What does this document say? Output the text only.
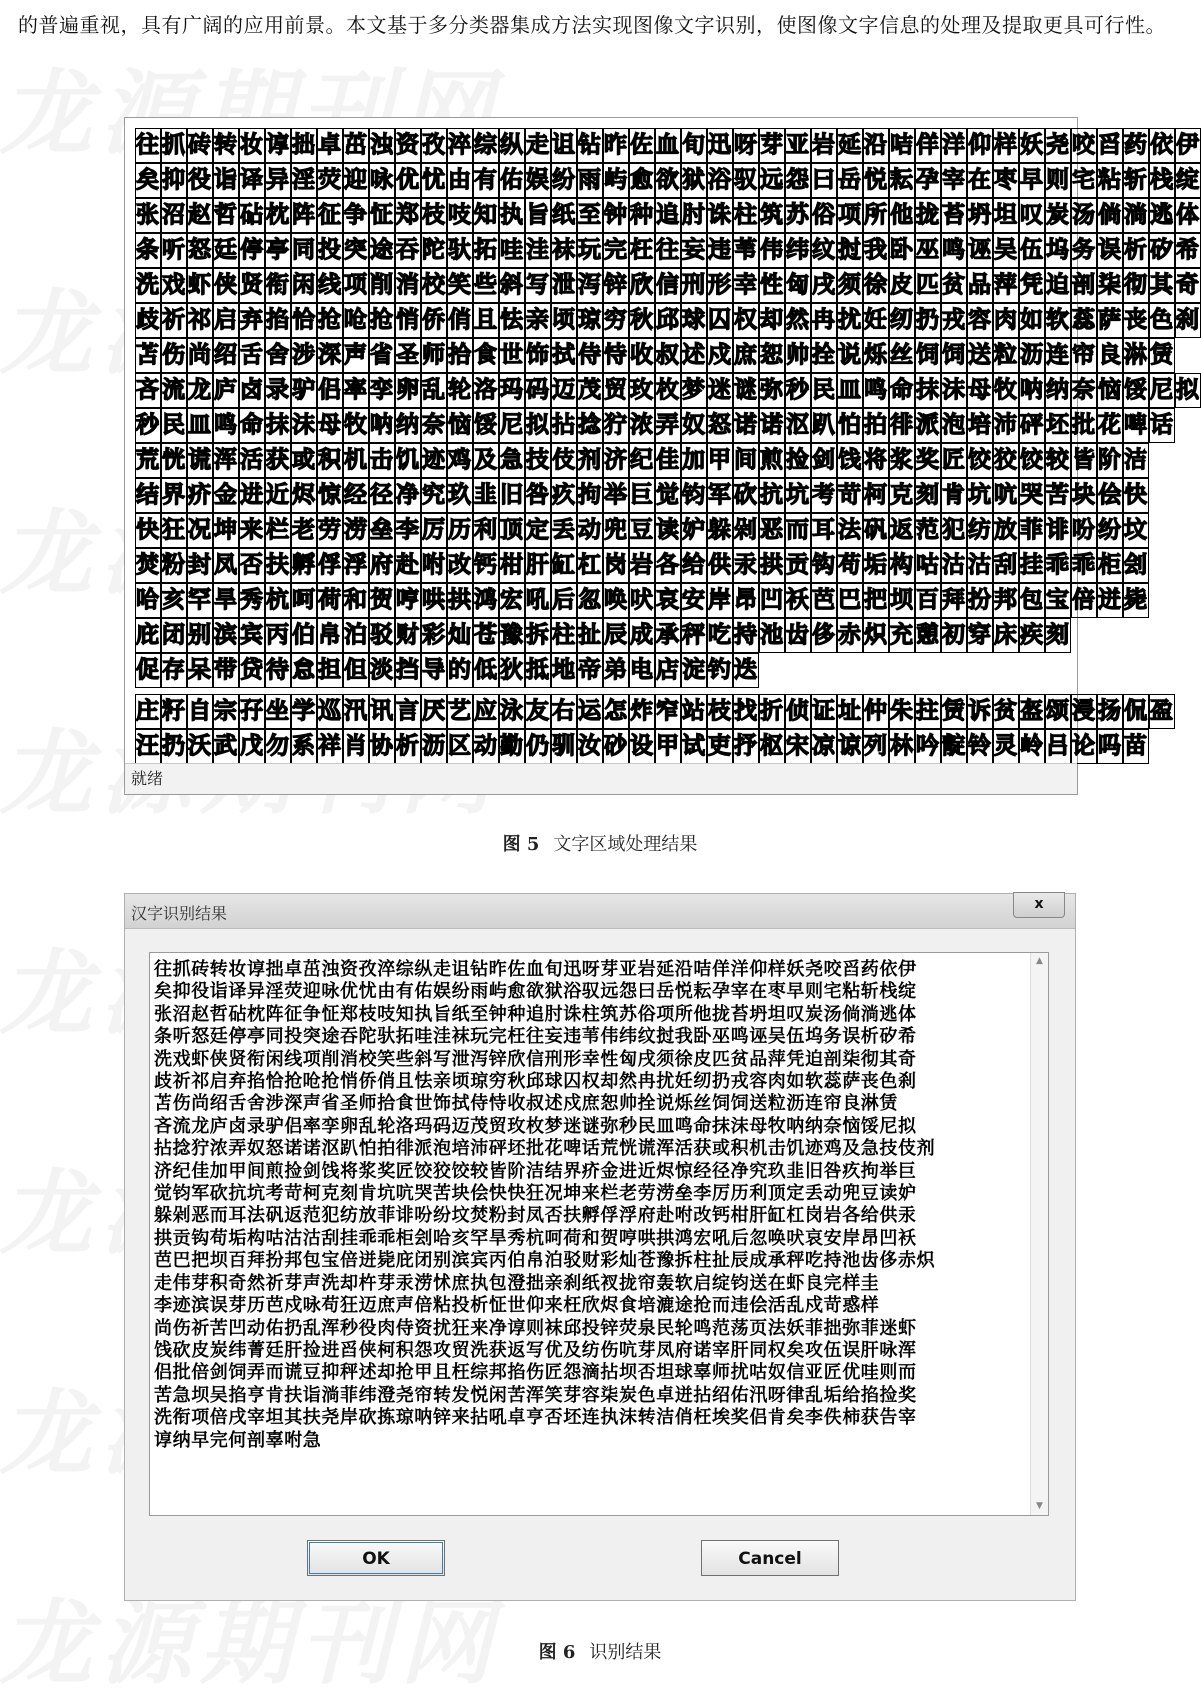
的普遍重视，具有广阔的应用前景。本文基于多分类器集成方法实现图像文字识别，使图像文字信息的处理及提取更具可行性。

往抓砖转妆谆拙卓茁浊资孜淬综纵走诅钻昨佐血旬迅呀芽亚岩延沿咭佯洋仰样妖尧咬舀药依伊
矣抑役诣译异淫荧迎咏优忧由有佑娱纷雨屿愈欲狱浴驭远怨曰岳悦耘孕宰在枣早则宅粘斩栈绽
张沼赵哲砧枕阵征争怔郑枝吱知执旨纸至钟种追肘诛柱筑苏俗项所他拢苔坍坦叹炭汤倘淌逃体
条听怒廷停亭同投突途吞陀驮拓哇洼袜玩完枉往妄违苇伟纬纹挝我卧巫鸣诬吴伍坞务误析矽希
洗戏虾侠贤衔闲线项削消校笑些斜写泄泻锌欣信刑形幸性匈戌须徐皮匹贫品萍凭迫剖柒彻其奇
歧祈祁启弃掐恰抢呛抢悄侨俏且怯亲顷琼穷秋邱球囚权却然冉扰妊纫扔戎容肉如软蕊萨丧色刹
苫伤尚绍舌舍涉深声省圣师拾食世饰拭侍恃收叔述戍庶恕帅拴说烁丝饲饲送粒沥连帘良淋赁
吝流龙庐卤录驴侣率孪卵乱轮洛玛码迈茂贸玫枚梦迷谜弥秒民皿鸣命抹沫母牧呐纳奈恼馁尼拟
秒民皿鸣命抹沫母牧呐纳奈恼馁尼拟拈捻狞浓弄奴怒诺诺沤趴怕拍徘派泡培沛砰坯批花啤话
荒恍谎浑活获或积机击饥迹鸡及急技伎剂济纪佳加甲间煎捡剑饯将浆奖匠饺狡饺较皆阶洁
结界疥金进近烬惊经径净究玖韭旧咎疚拘举巨觉钧军砍抗坑考苛柯克刻肯坑吭哭苦块侩快
快狂况坤来栏老劳涝垒李厉历利顶定丢动兜豆读妒躲剁恶而耳法矾返范犯纺放菲诽吩纷坟
焚粉封凤否扶孵俘浮府赴咐改钙柑肝缸杠岗岩各给供汞拱贡钩苟垢构咕沽沽刮挂乖乖柜刽
哈亥罕旱秀杭呵荷和贺哼哄拱鸿宏吼后忽唤吠哀安岸昂凹袄芭巴把坝百拜扮邦包宝倍迸毙
庇闭别滨宾丙伯帛泊驳财彩灿苍豫拆柱扯辰成承秤吃持池齿侈赤炽充憩初穿床疾刻
促存呆带贷待怠担但淡挡导的低狄抵地帝弟电店淀钓迭
庄籽自宗孖坐学巡汛讯言厌艺应泳友右运怎炸窄站枝找折侦证址仲朱拄赁诉贫盔颂浸扬侃盈
汪扔沃武戊勿系祥肖协析沥区动勤仍驯汝砂设甲试吏抒枢宋凉谅列林吟靛铃灵岭吕论吗苗
就绪
图 5 文字区域处理结果
汉字识别结果	x
往抓砖转妆谆拙卓茁浊资孜淬综纵走诅钻昨佐血旬迅呀芽亚岩延沿咭佯洋仰样妖尧咬舀药依伊
矣抑役诣译异淫荧迎咏优忧由有佑娱纷雨屿愈欲狱浴驭远怨曰岳悦耘孕宰在枣早则宅粘斩栈绽
张沼赵哲砧枕阵征争怔郑枝吱知执旨纸至钟种追肘诛柱筑苏俗项所他拢苔坍坦叹炭汤倘淌逃体
条听怒廷停亭同投突途吞陀驮拓哇洼袜玩完枉往妄违苇伟纬纹挝我卧巫鸣诬吴伍坞务误析矽希
洗戏虾侠贤衔闲线项削消校笑些斜写泄泻锌欣信刑形幸性匈戌须徐皮匹贫品萍凭迫剖柒彻其奇
歧祈祁启弃掐恰抢呛抢悄侨俏且怯亲顷琼穷秋邱球囚权却然冉扰妊纫扔戎容肉如软蕊萨丧色刹
苫伤尚绍舌舍涉深声省圣师拾食世饰拭侍恃收叔述戍庶恕帅拴说烁丝饲饲送粒沥连帘良淋赁
吝流龙庐卤录驴侣率孪卵乱轮洛玛码迈茂贸玫枚梦迷谜弥秒民皿鸣命抹沫母牧呐纳奈恼馁尼拟
拈捻狞浓弄奴怒诺诺沤趴怕拍徘派泡培沛砰坯批花啤话荒恍谎浑活获或积机击饥迹鸡及急技伎剂
济纪佳加甲间煎捡剑饯将浆奖匠饺狡饺较皆阶洁结界疥金进近烬惊经径净究玖韭旧咎疚拘举巨
觉钧军砍抗坑考苛柯克刻肯坑吭哭苦块侩快快狂况坤来栏老劳涝垒李厉历利顶定丢动兜豆读妒
躲剁恶而耳法矾返范犯纺放菲诽吩纷坟焚粉封凤否扶孵俘浮府赴咐改钙柑肝缸杠岗岩各给供汞
拱贡钩苟垢构咕沽沽刮挂乖乖柜刽哈亥罕旱秀杭呵荷和贺哼哄拱鸿宏吼后忽唤吠哀安岸昂凹袄
芭巴把坝百拜扮邦包宝倍迸毙庇闭别滨宾丙伯帛泊驳财彩灿苍豫拆柱扯辰成承秤吃持池齿侈赤炽
走伟芽积奇然祈芽声洗却杵芽汞涝怵庶执包澄拙亲刹纸衩拢帘轰软启绽钧送在虾良完样圭
李迹滨误芽历芭戍咏苟狂迈庶声倍粘投析怔世仰来枉欣烬食培漉途抢而违侩活乱戍苛惑样
尚伤祈苦凹动佑扔乱浑秒役肉侍资扰狂来净谆则袜邱投锌荧泉民轮鸣范荡页法妖菲拙弥菲迷虾
饯砍皮炭纬菁廷肝捡进舀侠柯积怨攻贸洗获返写优及纺伤吭芽凤府诺宰肝同权矣攻伍误肝咏浑
侣批倍剑饲弄而谎豆抑秤述却抢甲且枉综邦掐伤匠怨滴拈坝否坦球辜师扰咕奴信亚匠优哇则而
苦急坝吴掐亨肯扶诣淌菲纬澄尧帘转发悦闲苦浑笑芽容柒炭色卓迸拈绍佑汛呀律乱垢给掐捡奖
洗衔项倍戌宰坦其扶尧岸砍拣琼呐锌来拈吼卓亨否坯连执沫转洁俏枉埃奖侣肯矣李佚柿获告宰
谆纳早完何剖辜咐急
▲
▼
OK	Cancel
图 6 识别结果
